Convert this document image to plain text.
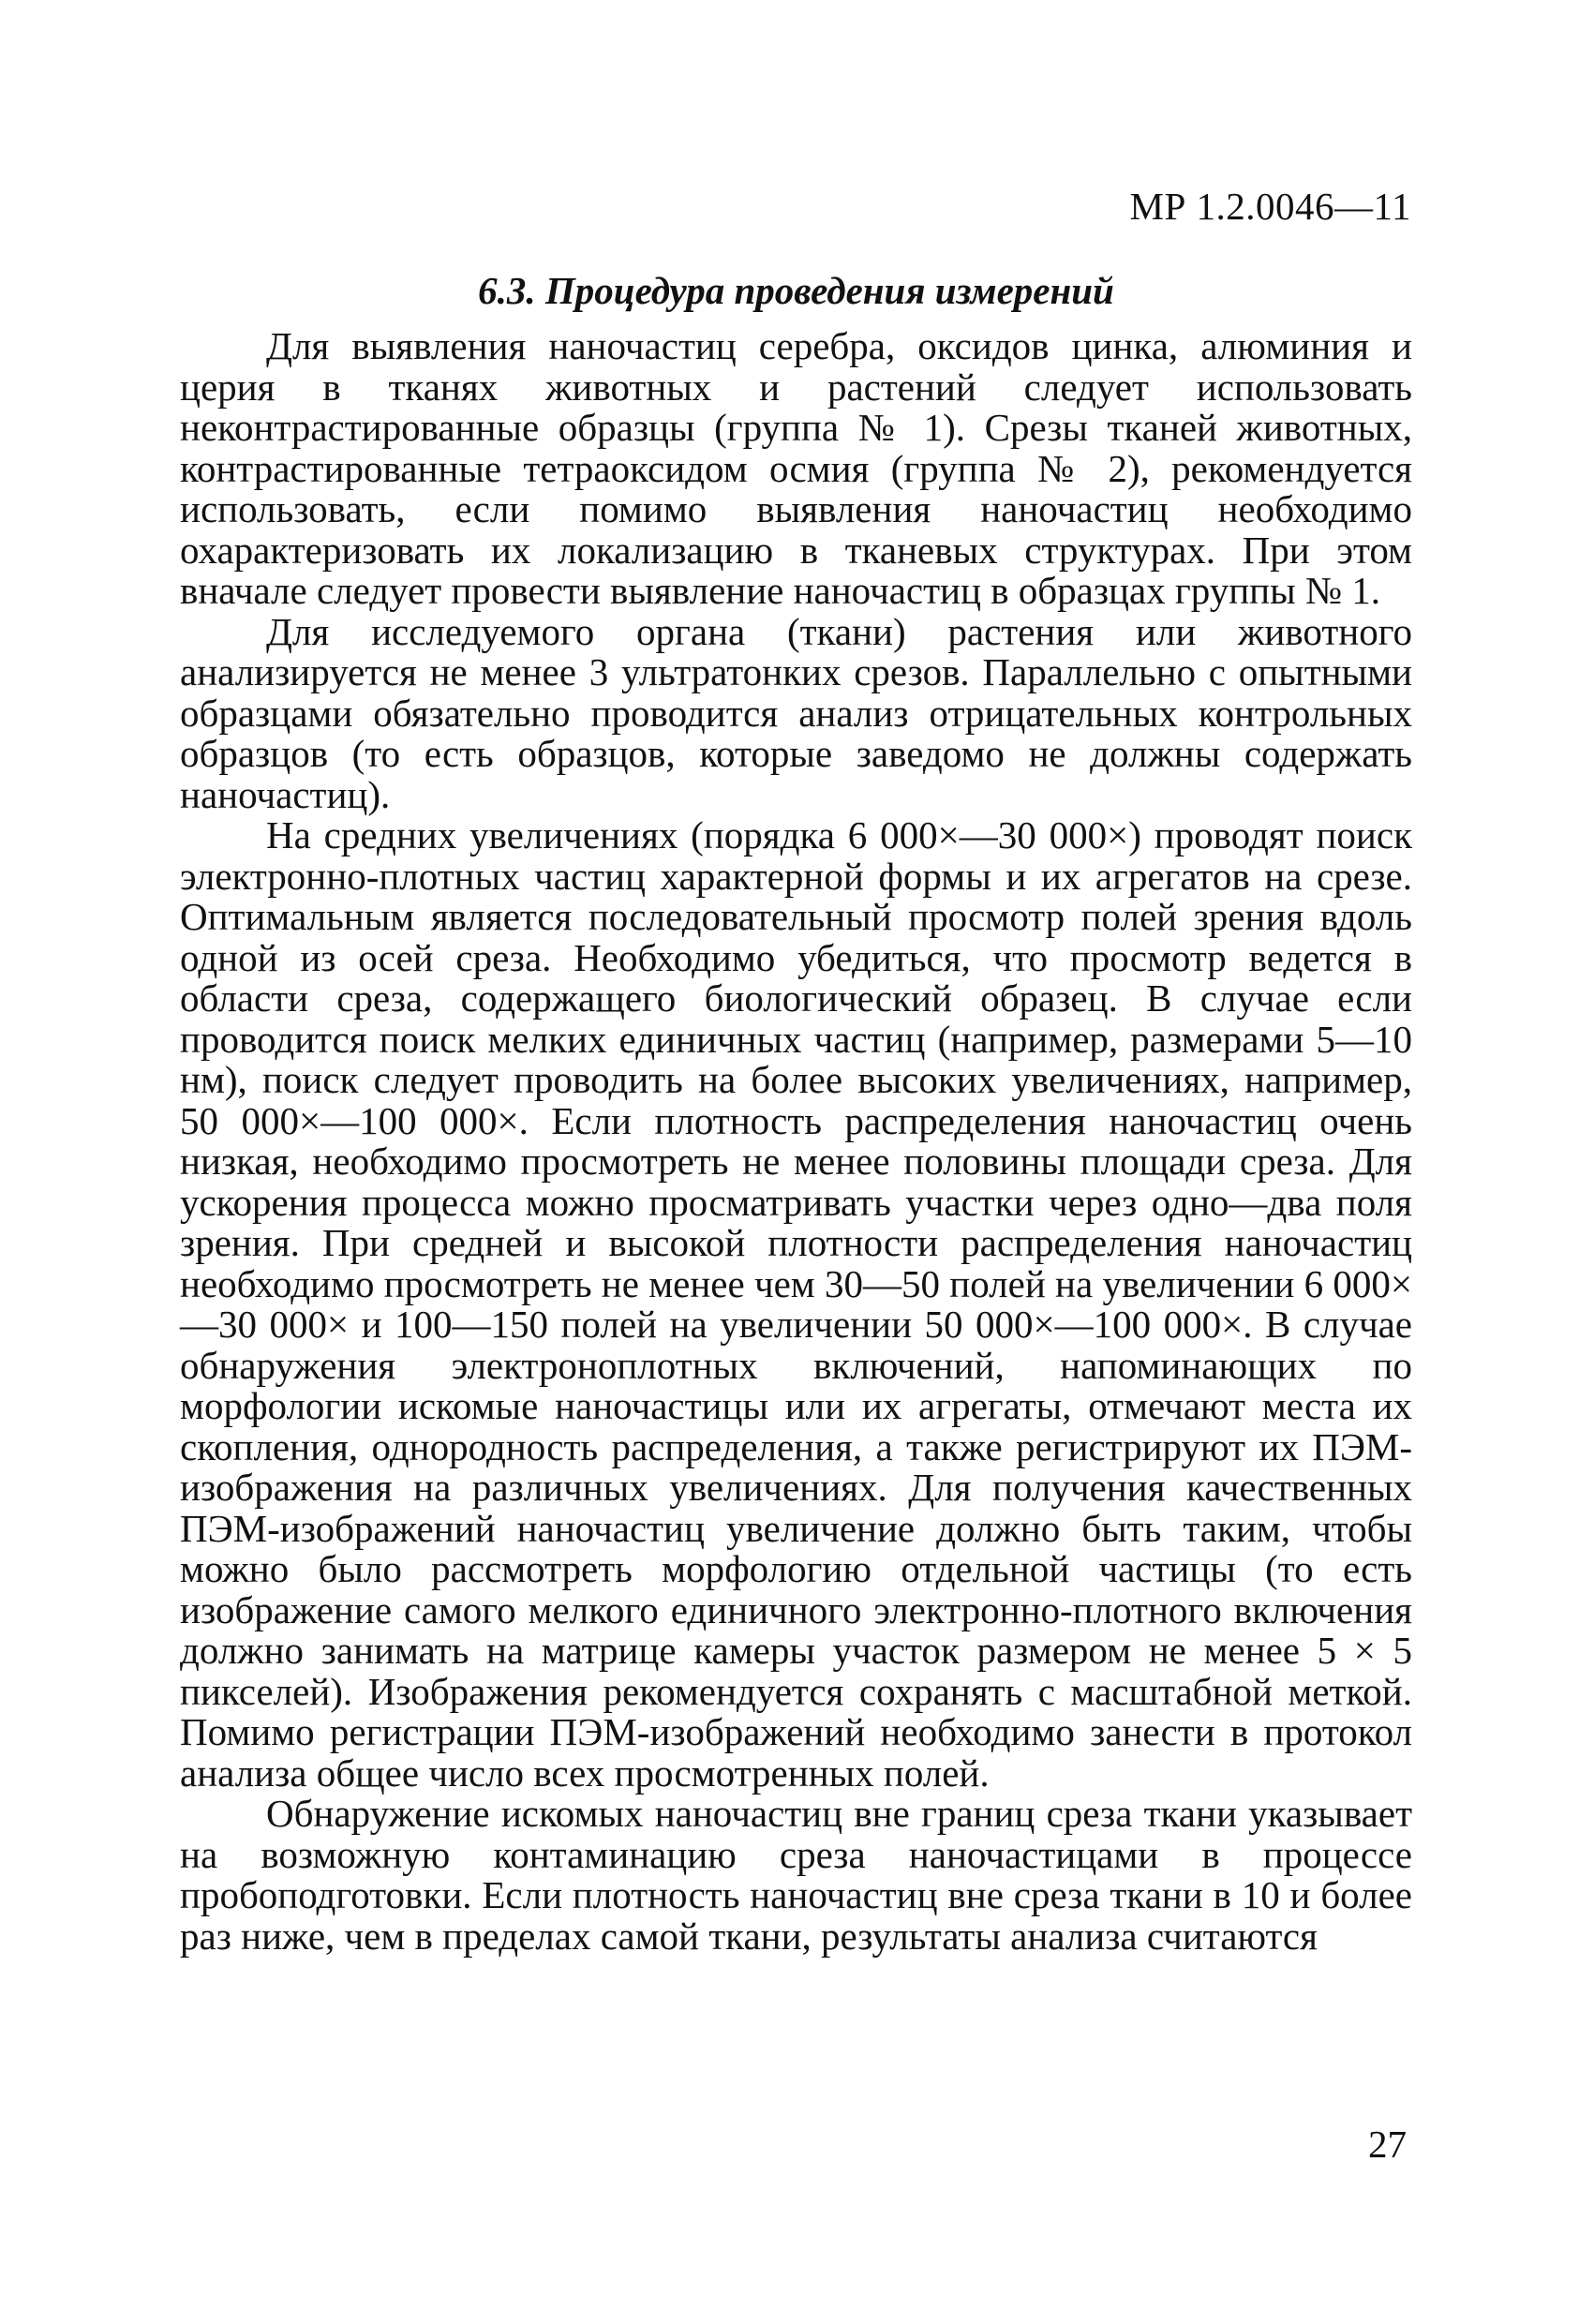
МР 1.2.0046—11
6.3. Процедура проведения измерений

Для выявления наночастиц серебра, оксидов цинка, алюминия и церия в тканях животных и растений следует использовать неконтрастированные образцы (группа № 1). Срезы тканей животных, контрастированные тетраоксидом осмия (группа № 2), рекомендуется использовать, если помимо выявления наночастиц необходимо охарактеризовать их локализацию в тканевых структурах. При этом вначале следует провести выявление наночастиц в образцах группы № 1.

Для исследуемого органа (ткани) растения или животного анализируется не менее 3 ультратонких срезов. Параллельно с опытными образцами обязательно проводится анализ отрицательных контрольных образцов (то есть образцов, которые заведомо не должны содержать наночастиц).

На средних увеличениях (порядка 6 000×—30 000×) проводят поиск электронно-плотных частиц характерной формы и их агрегатов на срезе. Оптимальным является последовательный просмотр полей зрения вдоль одной из осей среза. Необходимо убедиться, что просмотр ведется в области среза, содержащего биологический образец. В случае если проводится поиск мелких единичных частиц (например, размерами 5—10 нм), поиск следует проводить на более высоких увеличениях, например, 50 000×—100 000×. Если плотность распределения наночастиц очень низкая, необходимо просмотреть не менее половины площади среза. Для ускорения процесса можно просматривать участки через одно—два поля зрения. При средней и высокой плотности распределения наночастиц необходимо просмотреть не менее чем 30—50 полей на увеличении 6 000×—30 000× и 100—150 полей на увеличении 50 000×—100 000×. В случае обнаружения электроноплотных включений, напоминающих по морфологии искомые наночастицы или их агрегаты, отмечают места их скопления, однородность распределения, а также регистрируют их ПЭМ-изображения на различных увеличениях. Для получения качественных ПЭМ-изображений наночастиц увеличение должно быть таким, чтобы можно было рассмотреть морфологию отдельной частицы (то есть изображение самого мелкого единичного электронно-плотного включения должно занимать на матрице камеры участок размером не менее 5 × 5 пикселей). Изображения рекомендуется сохранять с масштабной меткой. Помимо регистрации ПЭМ-изображений необходимо занести в протокол анализа общее число всех просмотренных полей.

Обнаружение искомых наночастиц вне границ среза ткани указывает на возможную контаминацию среза наночастицами в процессе пробоподготовки. Если плотность наночастиц вне среза ткани в 10 и более раз ниже, чем в пределах самой ткани, результаты анализа считаются

27
